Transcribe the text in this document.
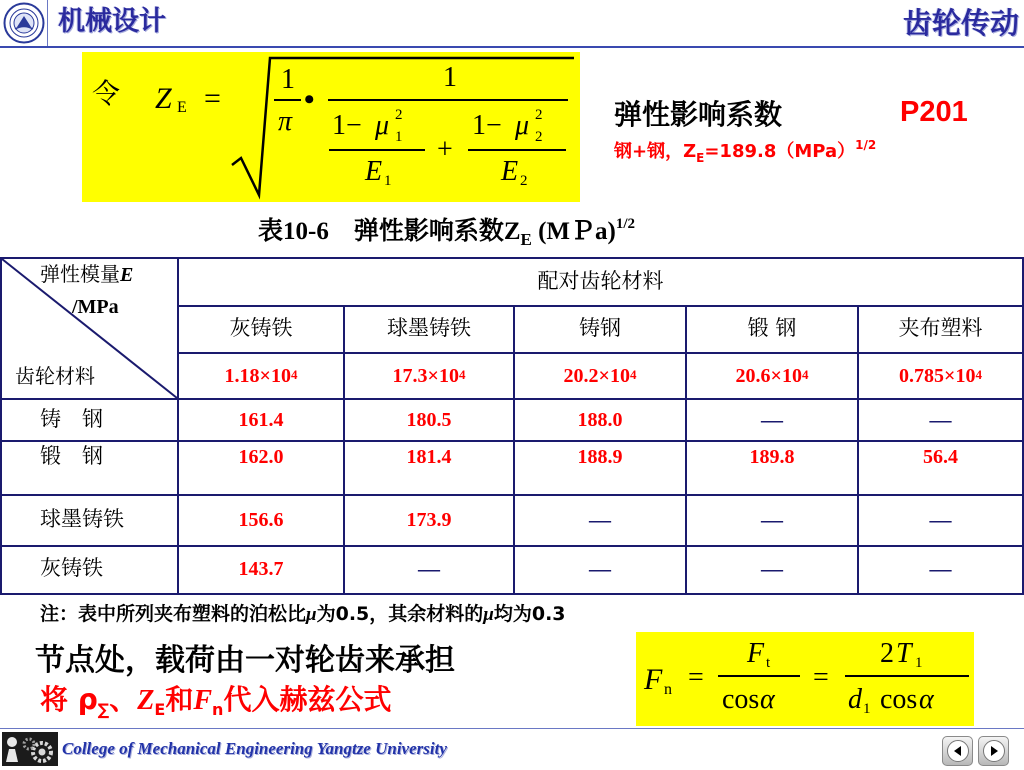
机械设计	齿轮传动
令 Z E =
1
π
•
1
1− μ 2
1
E 1
+
1− μ 2
2
E 2
弹性影响系数	P201
钢+钢，$Z_E=189.8(MPa)^{1/2}$
表10-6　弹性影响系数$Z_E$ (MＰa)$^{1/2}$
弹性模量E
/MPa
齿轮材料
配对齿轮材料
灰铸铁	球墨铸铁	铸钢	锻 钢	夹布塑料
$1.18\times 10^4$	$17.3\times 10^4$	$20.2\times 10^4$	$20.6\times 10^4$	$0.785\times 10^4$
铸　钢	161.4	180.5	188.0	—	—
锻　钢	162.0	181.4	188.9	189.8	56.4
球墨铸铁	156.6	173.9	—	—	—
灰铸铁	143.7	—	—	—	—
注：表中所列夹布塑料的泊松比μ为0.5，其余材料的μ均为0.3
节点处，载荷由一对轮齿来承担
将 $\rho_\sum$、$Z_E$和$F_n$代入赫兹公式
F n =
F t
cos α
=
2 T 1
d 1 cos α
College of Mechanical Engineering Yangtze University
